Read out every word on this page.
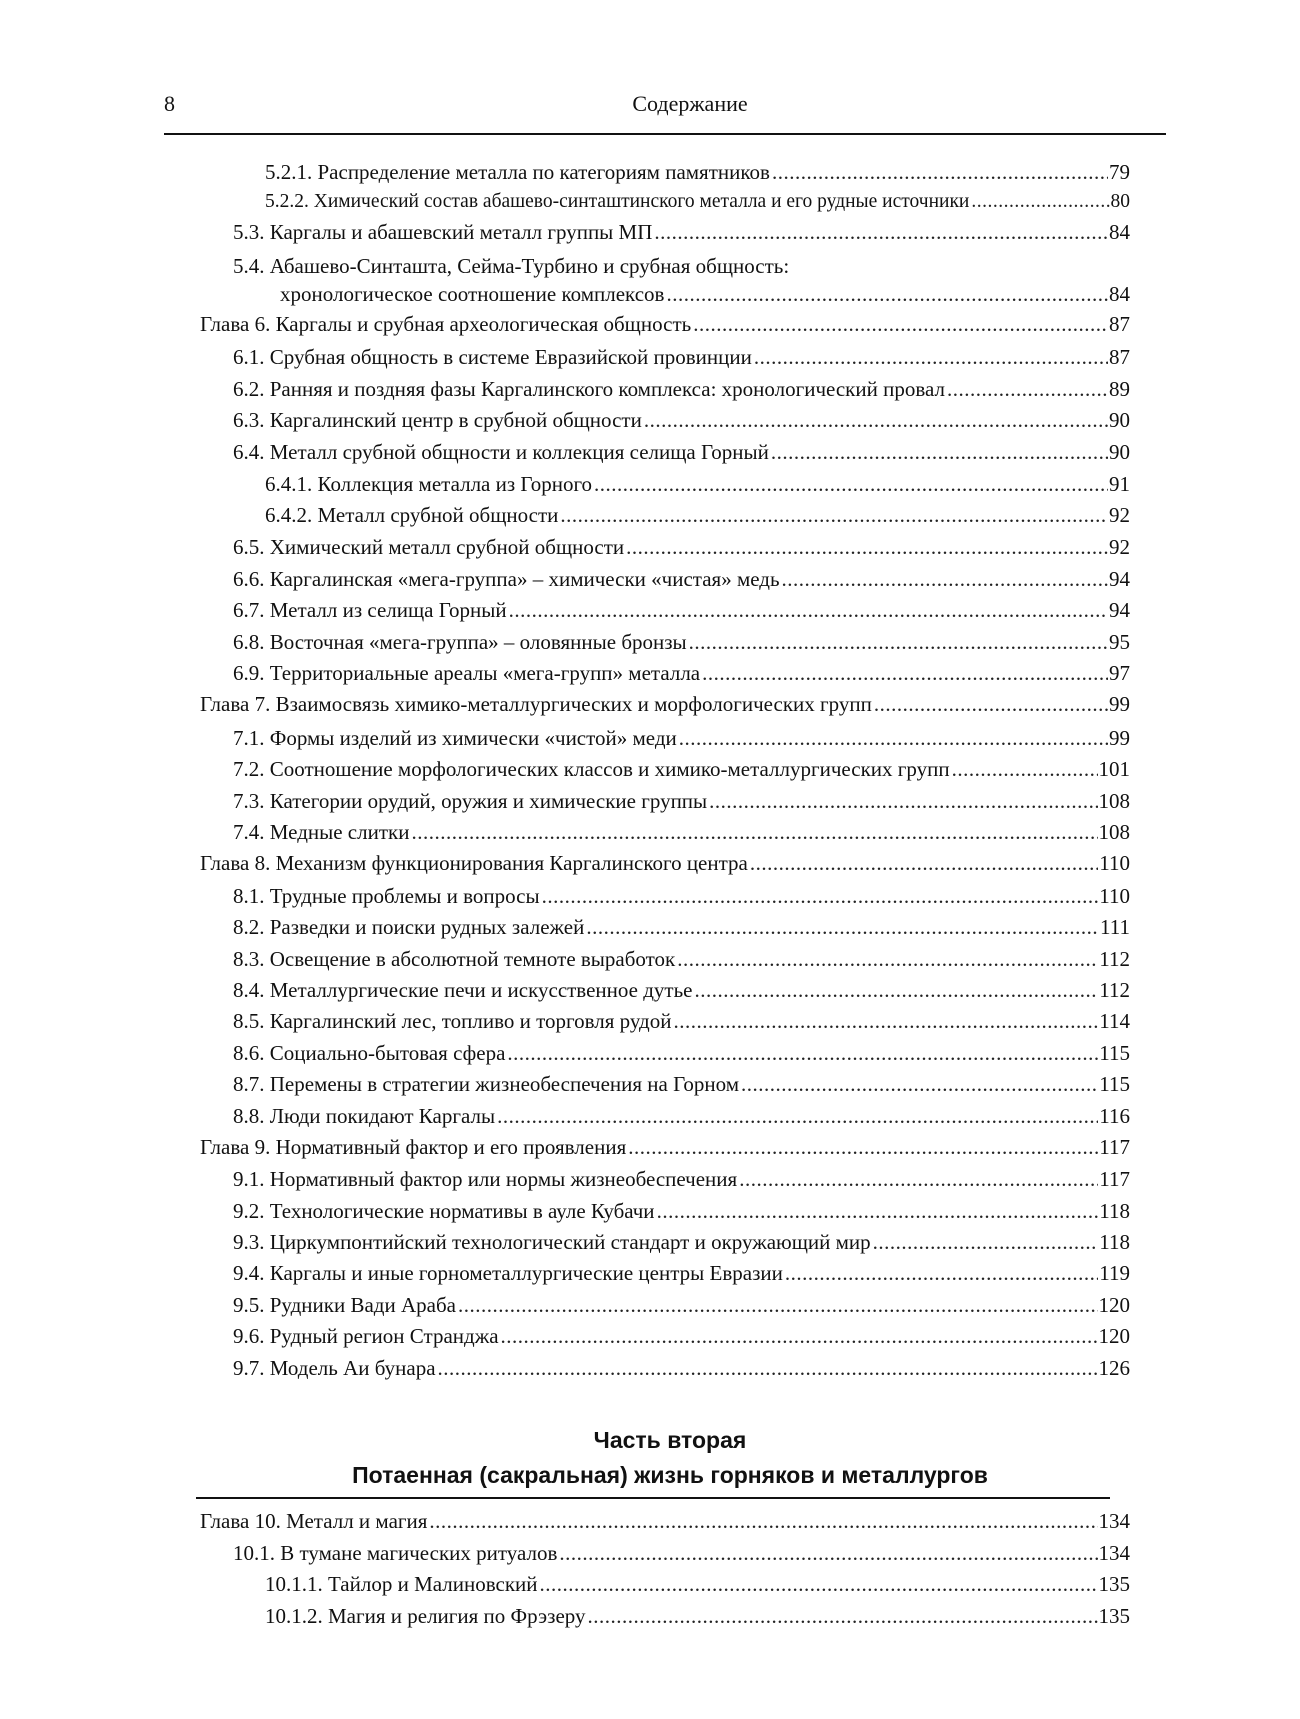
8	Содержание
5.2.1. Распределение металла по категориям памятников .....	79
5.2.2. Химический состав абашево-синташтинского металла и его рудные источники .....	80
5.3. Каргалы и абашевский металл группы МП .....	84
5.4. Абашево-Синташта, Сейма-Турбино и срубная общность:
хронологическое соотношение комплексов .....	84
Глава 6. Каргалы и срубная археологическая общность .....	87
6.1. Срубная общность в системе Евразийской провинции .....	87
6.2. Ранняя и поздняя фазы Каргалинского комплекса: хронологический провал .....	89
6.3. Каргалинский центр в срубной общности .....	90
6.4. Металл срубной общности и коллекция селища Горный .....	90
6.4.1. Коллекция металла из Горного .....	91
6.4.2. Металл срубной общности .....	92
6.5. Химический металл срубной общности .....	92
6.6. Каргалинская «мега-группа» – химически «чистая» медь .....	94
6.7. Металл из селища Горный .....	94
6.8. Восточная «мега-группа» – оловянные бронзы .....	95
6.9. Территориальные ареалы «мега-групп» металла .....	97
Глава 7. Взаимосвязь химико-металлургических и морфологических групп .....	99
7.1. Формы изделий из химически «чистой» меди .....	99
7.2. Соотношение морфологических классов и химико-металлургических групп .....	101
7.3. Категории орудий, оружия и химические группы .....	108
7.4. Медные слитки .....	108
Глава 8. Механизм функционирования Каргалинского центра .....	110
8.1. Трудные проблемы и вопросы .....	110
8.2. Разведки и поиски рудных залежей .....	111
8.3. Освещение в абсолютной темноте выработок .....	112
8.4. Металлургические печи и искусственное дутье .....	112
8.5. Каргалинский лес, топливо и торговля рудой .....	114
8.6. Социально-бытовая сфера .....	115
8.7. Перемены в стратегии жизнеобеспечения на Горном .....	115
8.8. Люди покидают Каргалы .....	116
Глава 9. Нормативный фактор и его проявления .....	117
9.1. Нормативный фактор или нормы жизнеобеспечения .....	117
9.2. Технологические нормативы в ауле Кубачи .....	118
9.3. Циркумпонтийский технологический стандарт и окружающий мир .....	118
9.4. Каргалы и иные горнометаллургические центры Евразии .....	119
9.5. Рудники Вади Араба .....	120
9.6. Рудный регион Странджа .....	120
9.7. Модель Аи бунара .....	126
Часть вторая
Потаенная (сакральная) жизнь горняков и металлургов
Глава 10. Металл и магия .....	134
10.1. В тумане магических ритуалов .....	134
10.1.1. Тайлор и Малиновский .....	135
10.1.2. Магия и религия по Фрэзеру .....	135
